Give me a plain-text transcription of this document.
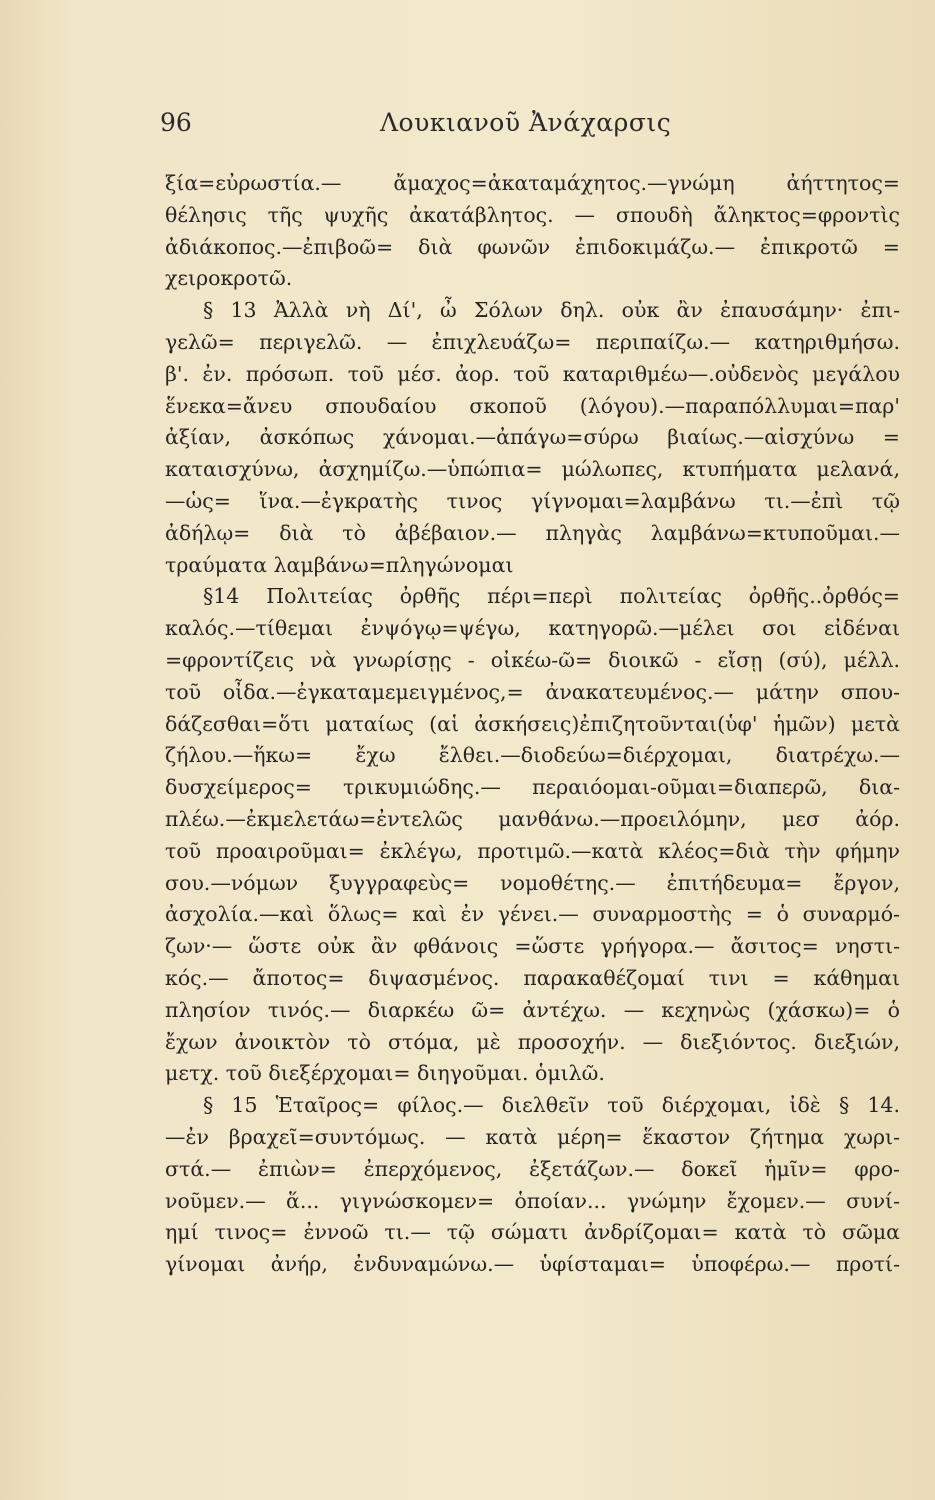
96	Λουκιανοῦ Ἀνάχαρσις
ξία=εὐρωστία.— ἄμαχος=ἀκαταμάχητος.—γνώμη ἀήττητος=
θέλησις τῆς ψυχῆς ἀκατάβλητος. — σπουδὴ ἄληκτος=φροντὶς
ἀδιάκοπος.—ἐπιβοῶ= διὰ φωνῶν ἐπιδοκιμάζω.— ἐπικροτῶ =
χειροκροτῶ.
§ 13 Ἀλλὰ νὴ Δί', ὦ Σόλων δηλ. οὐκ ἂν ἐπαυσάμην· ἐπι-
γελῶ= περιγελῶ. — ἐπιχλευάζω= περιπαίζω.— κατηριθμήσω.
β'. ἐν. πρόσωπ. τοῦ μέσ. ἀορ. τοῦ καταριθμέω—.οὐδενὸς μεγάλου
ἕνεκα=ἄνευ σπουδαίου σκοποῦ (λόγου).—παραπόλλυμαι=παρ'
ἀξίαν, ἀσκόπως χάνομαι.—ἀπάγω=σύρω βιαίως.—αἰσχύνω =
καταισχύνω, ἀσχημίζω.—ὑπώπια= μώλωπες, κτυπήματα μελανά,
—ὡς= ἵνα.—ἐγκρατὴς τινος γίγνομαι=λαμβάνω τι.—ἐπὶ τῷ
ἀδήλῳ= διὰ τὸ ἀβέβαιον.— πληγὰς λαμβάνω=κτυποῦμαι.—
τραύματα λαμβάνω=πληγώνομαι
§14 Πολιτείας ὀρθῆς πέρι=περὶ πολιτείας ὀρθῆς..ὀρθός=
καλός.—τίθεμαι ἐνψόγῳ=ψέγω, κατηγορῶ.—μέλει σοι εἰδέναι
=φροντίζεις νὰ γνωρίσῃς - οἰκέω-ῶ= διοικῶ - εἴσῃ (σύ), μέλλ.
τοῦ οἶδα.—ἐγκαταμεμειγμένος,= ἀνακατευμένος.— μάτην σπου-
δάζεσθαι=ὅτι ματαίως (αἱ ἀσκήσεις)ἐπιζητοῦνται(ὑφ' ἡμῶν) μετὰ
ζήλου.—ἥκω= ἔχω ἔλθει.—διοδεύω=διέρχομαι, διατρέχω.—
δυσχείμερος= τρικυμιώδης.— περαιόομαι-οῦμαι=διαπερῶ, δια-
πλέω.—ἐκμελετάω=ἐντελῶς μανθάνω.—προειλόμην, μεσ ἀόρ.
τοῦ προαιροῦμαι= ἐκλέγω, προτιμῶ.—κατὰ κλέος=διὰ τὴν φήμην
σου.—νόμων ξυγγραφεὺς= νομοθέτης.— ἐπιτήδευμα= ἔργον,
ἀσχολία.—καὶ ὅλως= καὶ ἐν γένει.— συναρμοστὴς = ὁ συναρμό-
ζων·— ὥστε οὐκ ἂν φθάνοις =ὥστε γρήγορα.— ἄσιτος= νηστι-
κός.— ἄποτος= διψασμένος. παρακαθέζομαί τινι = κάθημαι
πλησίον τινός.— διαρκέω ῶ= ἀντέχω. — κεχηνὼς (χάσκω)= ὁ
ἔχων ἀνοικτὸν τὸ στόμα, μὲ προσοχήν. — διεξιόντος. διεξιών,
μετχ. τοῦ διεξέρχομαι= διηγοῦμαι. ὁμιλῶ.
§ 15 Ἑταῖρος= φίλος.— διελθεῖν τοῦ διέρχομαι, ἰδὲ § 14.
—ἐν βραχεῖ=συντόμως. — κατὰ μέρη= ἕκαστον ζήτημα χωρι-
στά.— ἐπιὼν= ἐπερχόμενος, ἐξετάζων.— δοκεῖ ἡμῖν= φρο-
νοῦμεν.— ἅ... γιγνώσκομεν= ὁποίαν... γνώμην ἔχομεν.— συνί-
ημί τινος= ἐννοῶ τι.— τῷ σώματι ἀνδρίζομαι= κατὰ τὸ σῶμα
γίνομαι ἀνήρ, ἐνδυναμώνω.— ὑφίσταμαι= ὑποφέρω.— προτί-
